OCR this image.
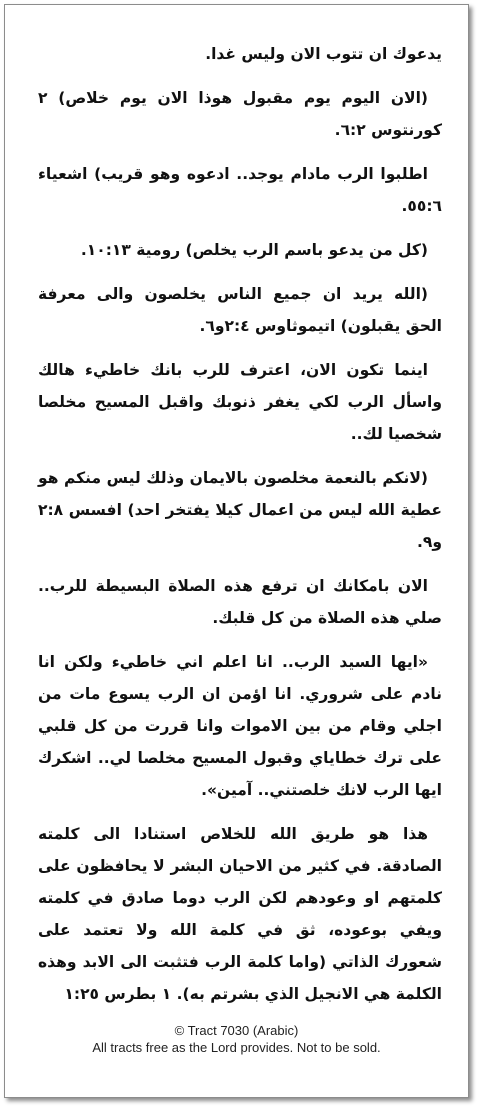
يدعوك ان تتوب الان وليس غدا.

(الان اليوم يوم مقبول هوذا الان يوم خلاص) ٢ كورنتوس ٦:٢.

اطلبوا الرب مادام يوجد.. ادعوه وهو قريب) اشعياء ٥٥:٦.

(كل من يدعو باسم الرب يخلص) رومية ١٠:١٣.

(الله يريد ان جميع الناس يخلصون والى معرفة الحق يقبلون) اتيموثاوس ٢:٤و٦.

اينما تكون الان، اعترف للرب بانك خاطيء هالك واسأل الرب لكي يغفر ذنوبك واقبل المسيح مخلصا شخصيا لك..

(لانكم بالنعمة مخلصون بالايمان وذلك ليس منكم هو عطية الله ليس من اعمال كيلا يفتخر احد) افسس ٢:٨ و٩.

الان بامكانك ان ترفع هذه الصلاة البسيطة للرب.. صلي هذه الصلاة من كل قلبك.

«ايها السيد الرب.. انا اعلم اني خاطيء ولكن انا نادم على شروري. انا اؤمن ان الرب يسوع مات من اجلي وقام من بين الاموات وانا قررت من كل قلبي على ترك خطاياي وقبول المسيح مخلصا لي.. اشكرك ايها الرب لانك خلصتني.. آمين».

هذا هو طريق الله للخلاص استنادا الى كلمته الصادقة. في كثير من الاحيان البشر لا يحافظون على كلمتهم او وعودهم لكن الرب دوما صادق في كلمته ويفي بوعوده، ثق في كلمة الله ولا تعتمد على شعورك الذاتي (واما كلمة الرب فتثبت الى الابد وهذه الكلمة هي الانجيل الذي بشرتم به). ١ بطرس ١:٢٥

© Tract 7030 (Arabic)
All tracts free as the Lord provides. Not to be sold.
